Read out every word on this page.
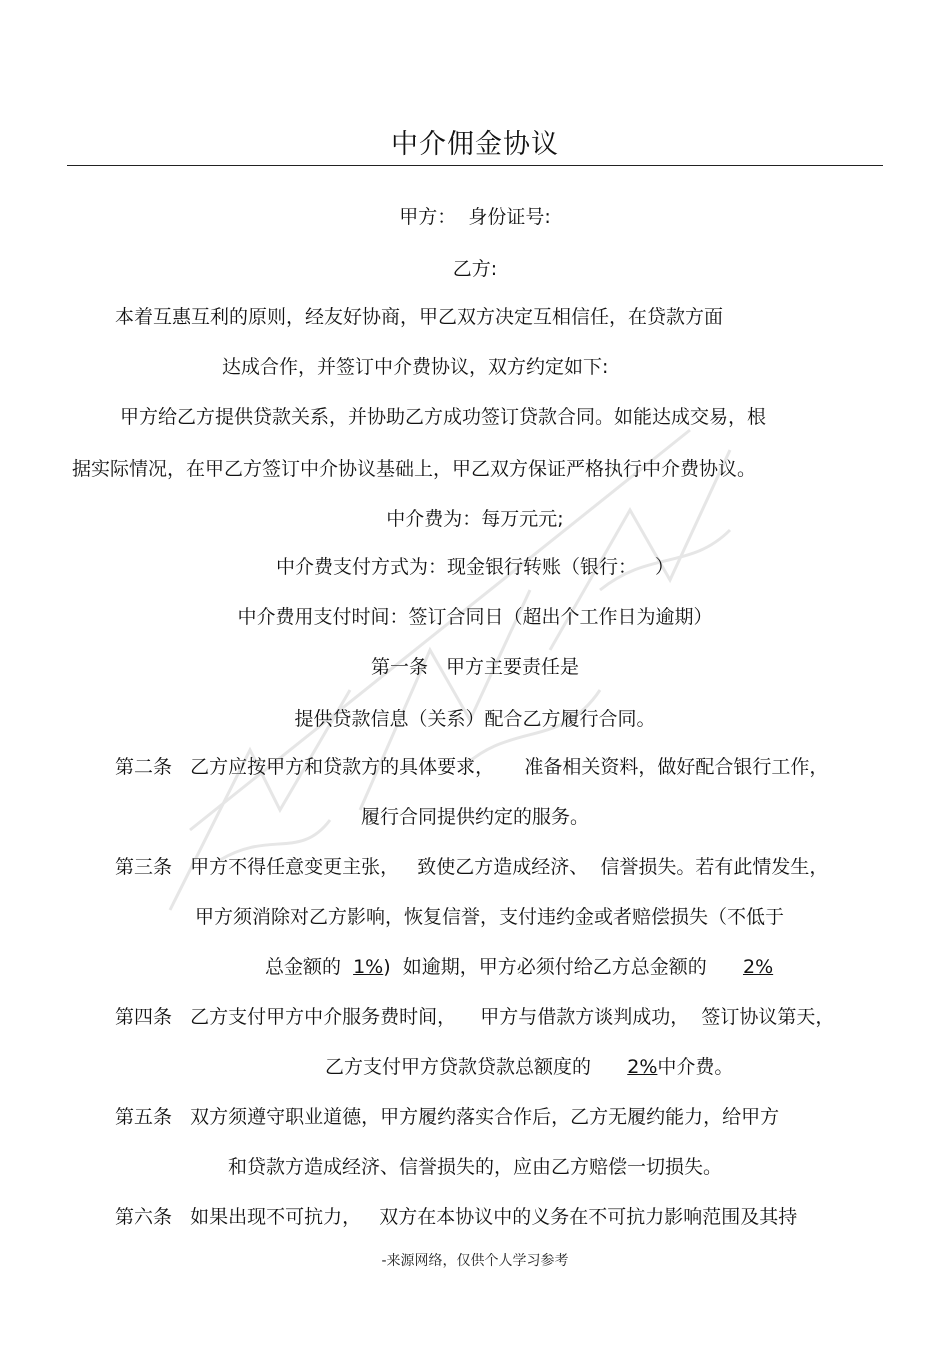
中介佣金协议
甲方：  身份证号:
乙方:
本着互惠互利的原则，经友好协商，甲乙双方决定互相信任，在贷款方面
达成合作，并签订中介费协议，双方约定如下:
甲方给乙方提供贷款关系，并协助乙方成功签订贷款合同。如能达成交易，根
据实际情况，在甲乙方签订中介协议基础上，甲乙双方保证严格执行中介费协议。
中介费为：每万元元;
中介费支付方式为：现金银行转账（银行：   ）
中介费用支付时间：签订合同日（超出个工作日为逾期）
第一条   甲方主要责任是
提供贷款信息（关系）配合乙方履行合同。
第二条   乙方应按甲方和贷款方的具体要求，     准备相关资料，做好配合银行工作，
履行合同提供约定的服务。
第三条   甲方不得任意变更主张，   致使乙方造成经济、  信誉损失。若有此情发生，
甲方须消除对乙方影响，恢复信誉，支付违约金或者赔偿损失（不低于
总金额的  1%)  如逾期，甲方必须付给乙方总金额的      2%
第四条   乙方支付甲方中介服务费时间，    甲方与借款方谈判成功，  签订协议第天，
乙方支付甲方贷款贷款总额度的      2%中介费。
第五条   双方须遵守职业道德，甲方履约落实合作后，乙方无履约能力，给甲方
和贷款方造成经济、信誉损失的，应由乙方赔偿一切损失。
第六条   如果出现不可抗力，   双方在本协议中的义务在不可抗力影响范围及其持
-来源网络，仅供个人学习参考
